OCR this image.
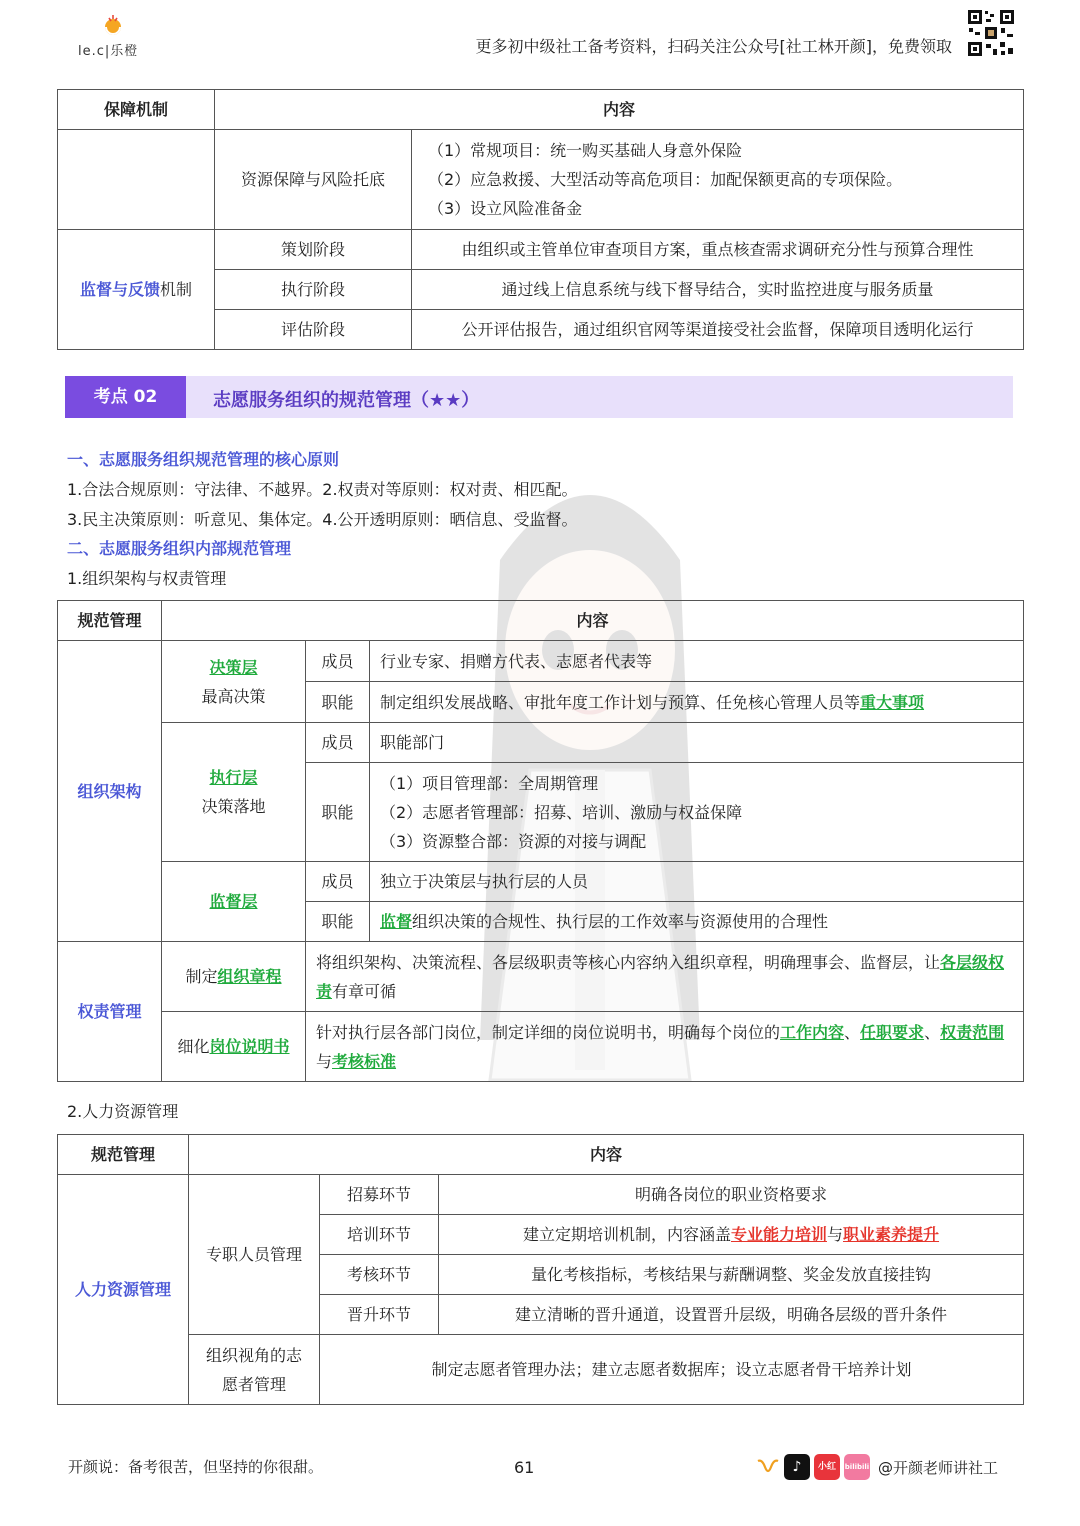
le.c|乐橙	更多初中级社工备考资料，扫码关注公众号[社工林开颜]，免费领取
保障机制	内容	
	资源保障与风险托底	（1）常规项目：统一购买基础人身意外保险
（2）应急救援、大型活动等高危项目：加配保额更高的专项保险。
（3）设立风险准备金

监督与反馈机制	策划阶段	由组织或主管单位审查项目方案，重点核查需求调研充分性与预算合理性
	执行阶段	通过线上信息系统与线下督导结合，实时监控进度与服务质量
	评估阶段	公开评估报告，通过组织官网等渠道接受社会监督，保障项目透明化运行
考点 02	志愿服务组织的规范管理（★★）
一、志愿服务组织规范管理的核心原则
1.合法合规原则：守法律、不越界。2.权责对等原则：权对责、相匹配。
3.民主决策原则：听意见、集体定。4.公开透明原则：晒信息、受监督。
二、志愿服务组织内部规范管理
1.组织架构与权责管理
规范管理	内容		
组织架构	决策层
最高决策	成员	行业专家、捐赠方代表、志愿者代表等
		职能	制定组织发展战略、审批年度工作计划与预算、任免核心管理人员等重大事项

	执行层
决策落地	成员	职能部门
		职能	（1）项目管理部：全周期管理
（2）志愿者管理部：招募、培训、激励与权益保障
（3）资源整合部：资源的对接与调配

	监督层	成员	独立于决策层与执行层的人员
		职能	监督组织决策的合规性、执行层的工作效率与资源使用的合理性
权责管理	制定组织章程	将组织架构、决策流程、各层级职责等核心内容纳入组织章程，明确理事会、监督层，让各层级权责有章可循	
	细化岗位说明书	针对执行层各部门岗位，制定详细的岗位说明书，明确每个岗位的工作内容、任职要求、权责范围与考核标准	
2.人力资源管理
规范管理	内容		
人力资源管理	专职人员管理	招募环节	明确各岗位的职业资格要求
		培训环节	建立定期培训机制，内容涵盖专业能力培训与职业素养提升
		考核环节	量化考核指标，考核结果与薪酬调整、奖金发放直接挂钩
		晋升环节	建立清晰的晋升通道，设置晋升层级，明确各层级的晋升条件

	组织视角的志
愿者管理	制定志愿者管理办法；建立志愿者数据库；设立志愿者骨干培养计划	
开颜说：备考很苦，但坚持的你很甜。	61	♪	小红书
bilibili @开颜老师讲社工
